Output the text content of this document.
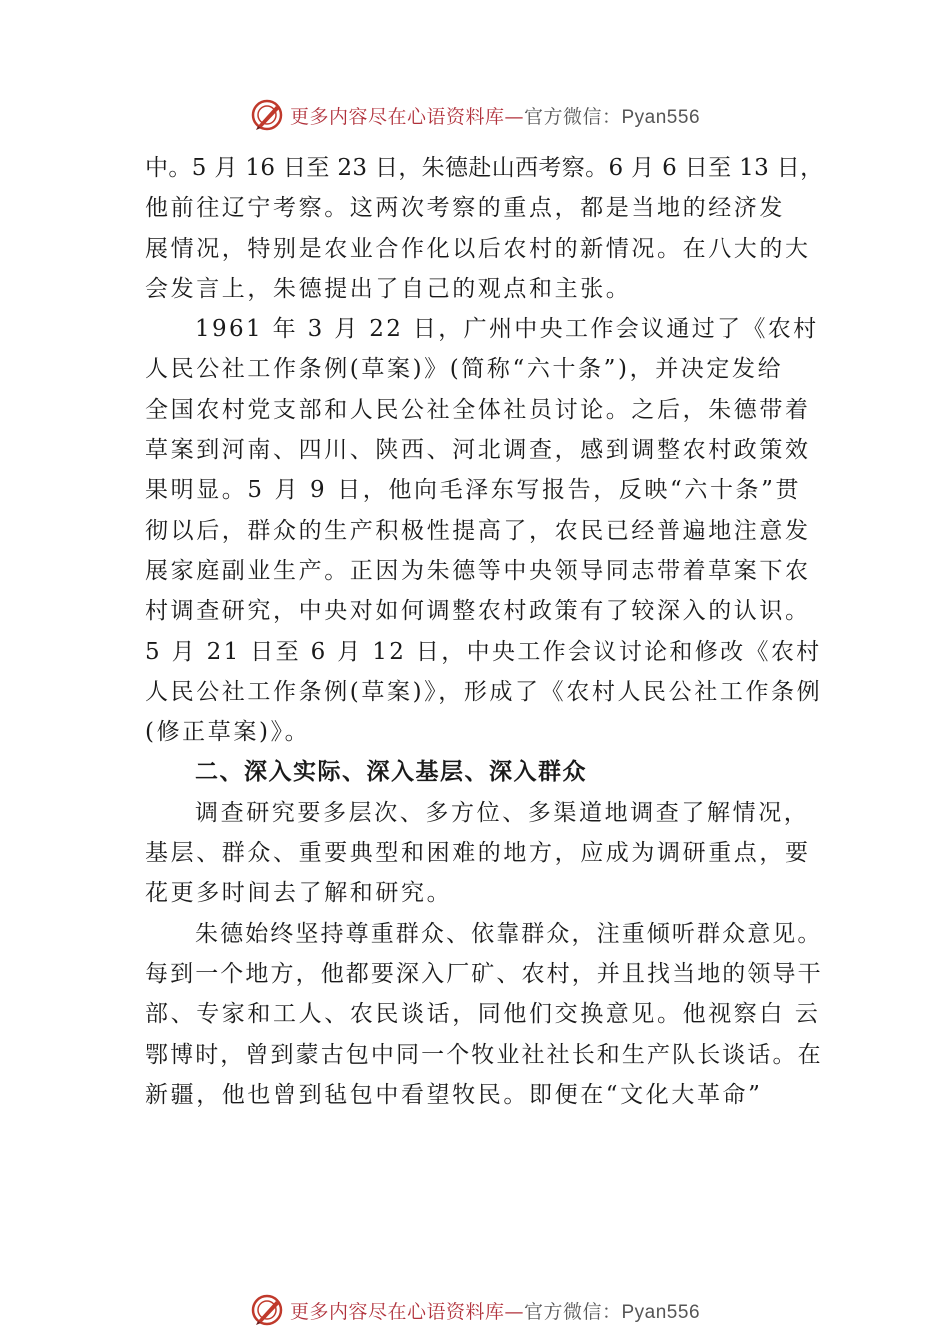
更多内容尽在心语资料库—官方微信：Pyan556
中。5 月 16 日至 23 日，朱德赴山西考察。6 月 6 日至 13 日，
他前往辽宁考察。这两次考察的重点，都是当地的经济发
展情况，特别是农业合作化以后农村的新情况。在八大的大
会发言上，朱德提出了自己的观点和主张。
1961 年 3 月 22 日，广州中央工作会议通过了《农村
人民公社工作条例(草案)》(简称“六十条”)，并决定发给
全国农村党支部和人民公社全体社员讨论。之后，朱德带着
草案到河南、四川、陕西、河北调查，感到调整农村政策效
果明显。5 月 9 日，他向毛泽东写报告，反映“六十条”贯
彻以后，群众的生产积极性提高了，农民已经普遍地注意发
展家庭副业生产。正因为朱德等中央领导同志带着草案下农
村调查研究，中央对如何调整农村政策有了较深入的认识。
5 月 21 日至 6 月 12 日，中央工作会议讨论和修改《农村
人民公社工作条例(草案)》，形成了《农村人民公社工作条例
(修正草案)》。
二、深入实际、深入基层、深入群众
调查研究要多层次、多方位、多渠道地调查了解情况，
基层、群众、重要典型和困难的地方，应成为调研重点，要
花更多时间去了解和研究。
朱德始终坚持尊重群众、依靠群众，注重倾听群众意见。
每到一个地方，他都要深入厂矿、农村，并且找当地的领导干
部、专家和工人、农民谈话，同他们交换意见。他视察白 云
鄂博时，曾到蒙古包中同一个牧业社社长和生产队长谈话。在
新疆，他也曾到毡包中看望牧民。即便在“文化大革命”
更多内容尽在心语资料库—官方微信：Pyan556
